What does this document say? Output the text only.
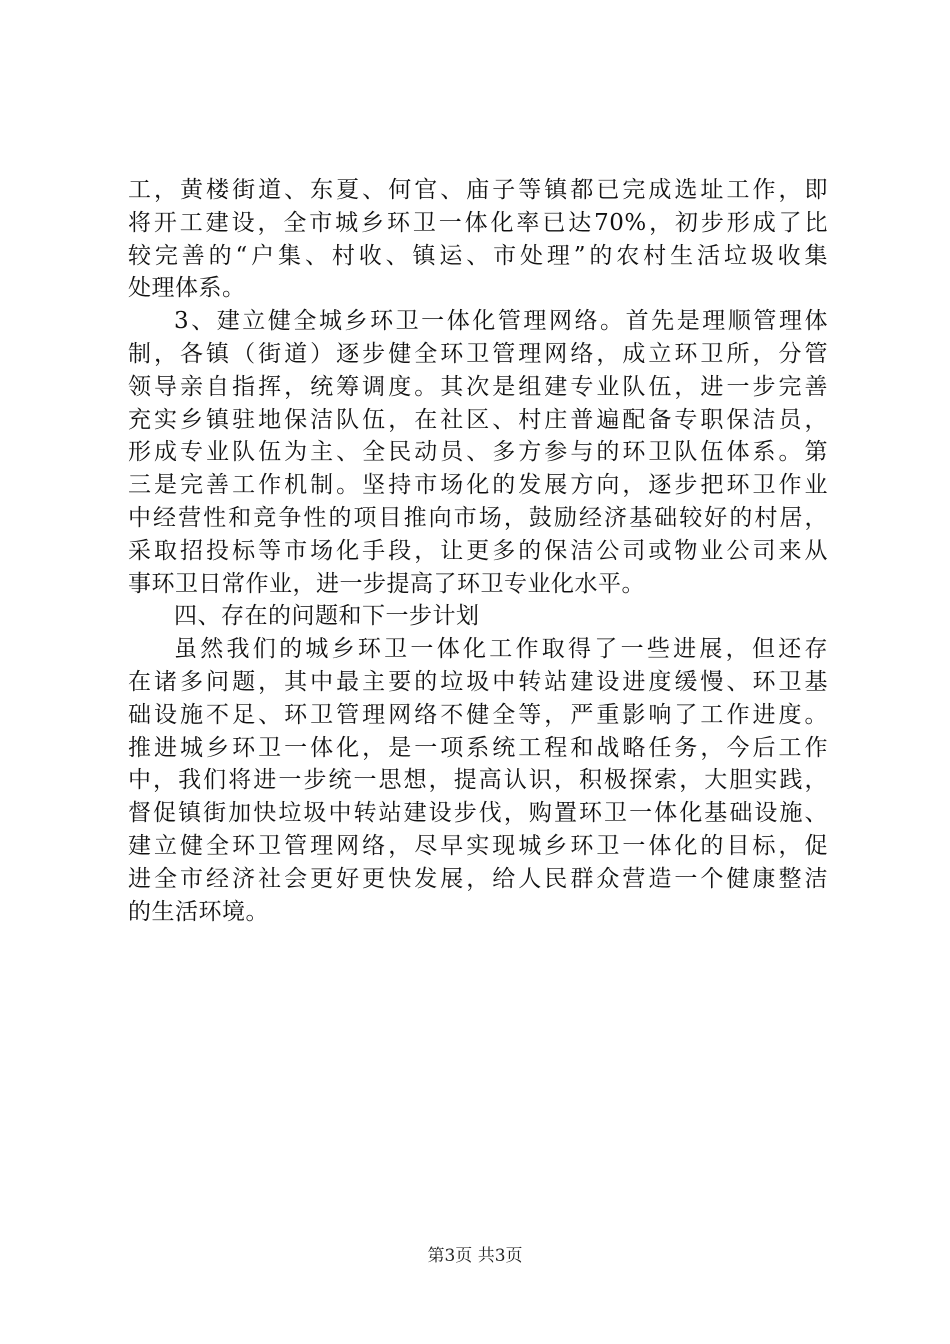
工，黄楼街道、东夏、何官、庙子等镇都已完成选址工作，即
将开工建设，全市城乡环卫一体化率已达70%，初步形成了比
较完善的“户集、村收、镇运、市处理”的农村生活垃圾收集
处理体系。
3、建立健全城乡环卫一体化管理网络。首先是理顺管理体
制，各镇（街道）逐步健全环卫管理网络，成立环卫所，分管
领导亲自指挥，统筹调度。其次是组建专业队伍，进一步完善
充实乡镇驻地保洁队伍，在社区、村庄普遍配备专职保洁员，
形成专业队伍为主、全民动员、多方参与的环卫队伍体系。第
三是完善工作机制。坚持市场化的发展方向，逐步把环卫作业
中经营性和竞争性的项目推向市场，鼓励经济基础较好的村居，
采取招投标等市场化手段，让更多的保洁公司或物业公司来从
事环卫日常作业，进一步提高了环卫专业化水平。
四、存在的问题和下一步计划
虽然我们的城乡环卫一体化工作取得了一些进展，但还存
在诸多问题，其中最主要的垃圾中转站建设进度缓慢、环卫基
础设施不足、环卫管理网络不健全等，严重影响了工作进度。
推进城乡环卫一体化，是一项系统工程和战略任务，今后工作
中，我们将进一步统一思想，提高认识，积极探索，大胆实践，
督促镇街加快垃圾中转站建设步伐，购置环卫一体化基础设施、
建立健全环卫管理网络，尽早实现城乡环卫一体化的目标，促
进全市经济社会更好更快发展，给人民群众营造一个健康整洁
的生活环境。
第3页 共3页
